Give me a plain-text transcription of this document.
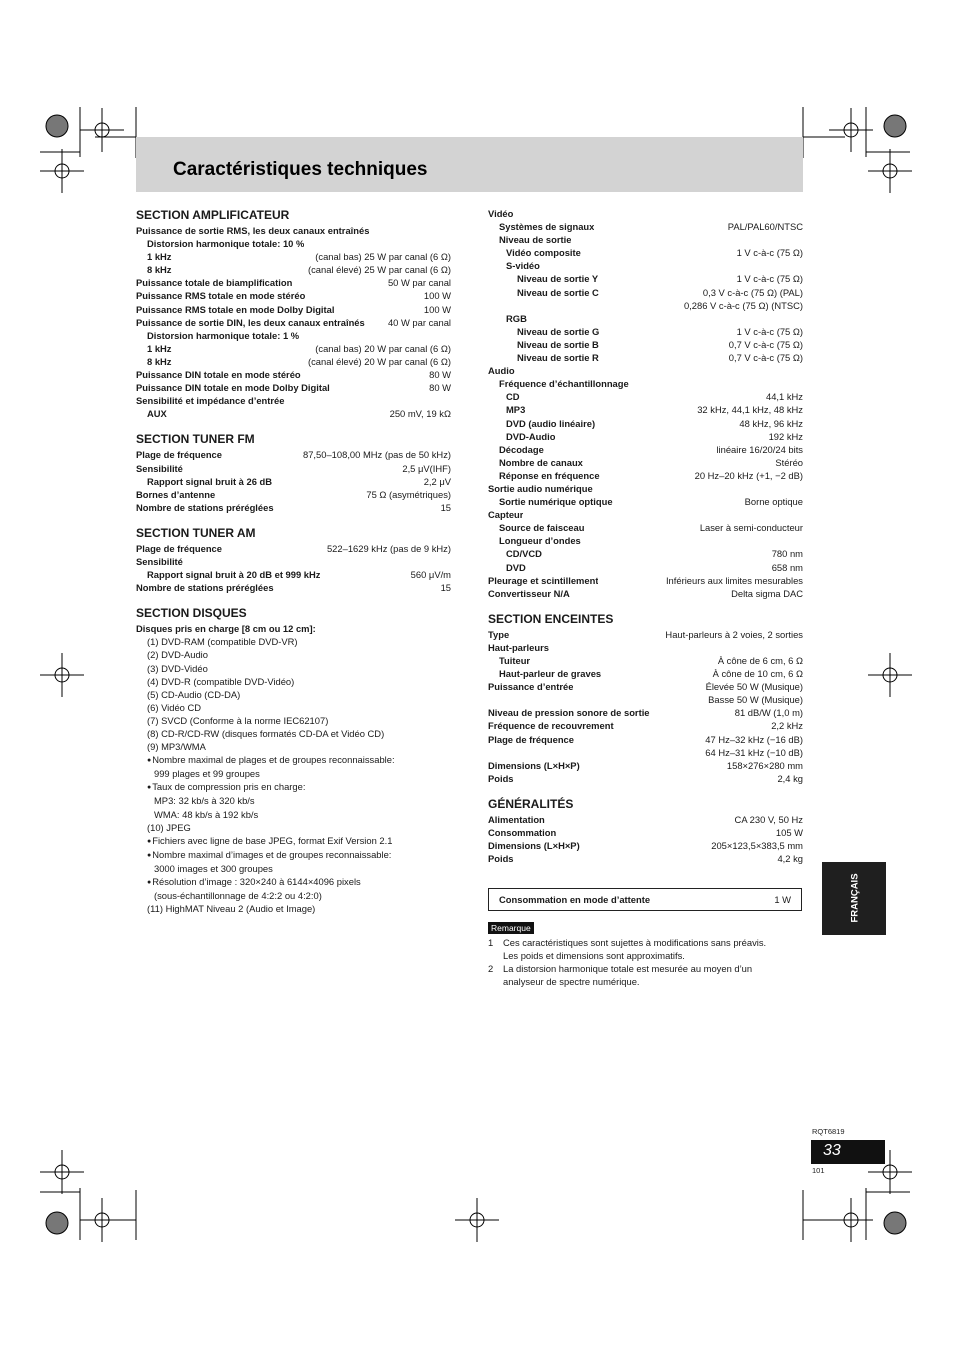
Caractéristiques techniques
SECTION AMPLIFICATEUR
Puissance de sortie RMS, les deux canaux entraînés
Distorsion harmonique totale: 10 %
1 kHz	(canal bas) 25 W par canal (6 Ω)
8 kHz	(canal élevé) 25 W par canal (6 Ω)
Puissance totale de biamplification	50 W par canal
Puissance RMS totale en mode stéréo	100 W
Puissance RMS totale en mode Dolby Digital	100 W
Puissance de sortie DIN, les deux canaux entraînés	40 W par canal
Distorsion harmonique totale: 1 %
1 kHz	(canal bas) 20 W par canal (6 Ω)
8 kHz	(canal élevé) 20 W par canal (6 Ω)
Puissance DIN totale en mode stéréo	80 W
Puissance DIN totale en mode Dolby Digital	80 W
Sensibilité et impédance d’entrée
AUX	250 mV, 19 kΩ
SECTION TUNER FM
Plage de fréquence	87,50–108,00 MHz (pas de 50 kHz)
Sensibilité	2,5 μV(IHF)
Rapport signal bruit à 26 dB	2,2 μV
Bornes d’antenne	75 Ω (asymétriques)
Nombre de stations préréglées	15
SECTION TUNER AM
Plage de fréquence	522–1629 kHz (pas de 9 kHz)
Sensibilité
Rapport signal bruit à 20 dB et 999 kHz	560 μV/m
Nombre de stations préréglées	15
SECTION DISQUES
Disques pris en charge [8 cm ou 12 cm]:
(1) DVD-RAM (compatible DVD-VR)
(2) DVD-Audio
(3) DVD-Vidéo
(4) DVD-R (compatible DVD-Vidéo)
(5) CD-Audio (CD-DA)
(6) Vidéo CD
(7) SVCD (Conforme à la norme IEC62107)
(8) CD-R/CD-RW (disques formatés CD-DA et Vidéo CD)
(9) MP3/WMA
● Nombre maximal de plages et de groupes reconnaissable:
999 plages et 99 groupes
● Taux de compression pris en charge:
MP3: 32 kb/s à 320 kb/s
WMA: 48 kb/s à 192 kb/s
(10) JPEG
● Fichiers avec ligne de base JPEG, format Exif Version 2.1
● Nombre maximal d’images et de groupes reconnaissable:
3000 images et 300 groupes
● Résolution d’image : 320×240 à 6144×4096 pixels
(sous-échantillonnage de 4:2:2 ou 4:2:0)
(11) HighMAT Niveau 2 (Audio et Image)
Vidéo
Systèmes de signaux	PAL/PAL60/NTSC
Niveau de sortie
Vidéo composite	1 V c-à-c (75 Ω)
S-vidéo
Niveau de sortie Y	1 V c-à-c (75 Ω)
Niveau de sortie C	0,3 V c-à-c (75 Ω) (PAL)
0,286 V c-à-c (75 Ω) (NTSC)
RGB
Niveau de sortie G	1 V c-à-c (75 Ω)
Niveau de sortie B	0,7 V c-à-c (75 Ω)
Niveau de sortie R	0,7 V c-à-c (75 Ω)
Audio
Fréquence d’échantillonnage
CD	44,1 kHz
MP3	32 kHz, 44,1 kHz, 48 kHz
DVD (audio linéaire)	48 kHz, 96 kHz
DVD-Audio	192 kHz
Décodage	linéaire 16/20/24 bits
Nombre de canaux	Stéréo
Réponse en fréquence	20 Hz–20 kHz (+1, −2 dB)
Sortie audio numérique
Sortie numérique optique	Borne optique
Capteur
Source de faisceau	Laser à semi-conducteur
Longueur d’ondes
CD/VCD	780 nm
DVD	658 nm
Pleurage et scintillement	Inférieurs aux limites mesurables
Convertisseur N/A	Delta sigma DAC
SECTION ENCEINTES
Type	Haut-parleurs à 2 voies, 2 sorties
Haut-parleurs
Tuiteur	À cône de 6 cm, 6 Ω
Haut-parleur de graves	À cône de 10 cm, 6 Ω
Puissance d’entrée	Élevée 50 W (Musique)
Basse 50 W (Musique)
Niveau de pression sonore de sortie	81 dB/W (1,0 m)
Fréquence de recouvrement	2,2 kHz
Plage de fréquence	47 Hz–32 kHz (−16 dB)
64 Hz–31 kHz (−10 dB)
Dimensions (L×H×P)	158×276×280 mm
Poids	2,4 kg
GÉNÉRALITÉS
Alimentation	CA 230 V, 50 Hz
Consommation	105 W
Dimensions (L×H×P)	205×123,5×383,5 mm
Poids	4,2 kg
Consommation en mode d’attente	1 W
Remarque
1	Ces caractéristiques sont sujettes à modifications sans préavis.
Les poids et dimensions sont approximatifs.
2	La distorsion harmonique totale est mesurée au moyen d’un
analyseur de spectre numérique.
FRANÇAIS
RQT6819
33
101
